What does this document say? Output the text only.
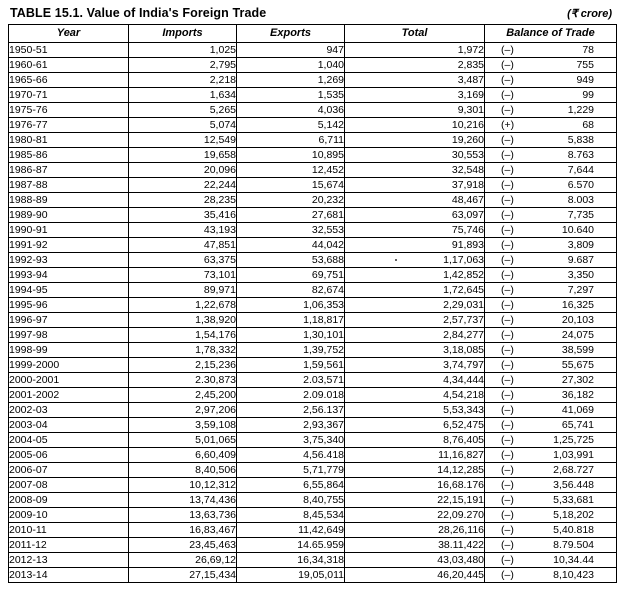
TABLE 15.1. Value of India's Foreign Trade	(₹ crore)
Year	Imports	Exports	Total	Balance of Trade
1950-51	1,025	947	1,972	(–) 78

1960-61	2,795	1,040	2,835	(–) 755

1965-66	2,218	1,269	3,487	(–) 949

1970-71	1,634	1,535	3,169	(–) 99

1975-76	5,265	4,036	9,301	(–) 1,229

1976-77	5,074	5,142	10,216	(+) 68

1980-81	12,549	6,711	19,260	(–) 5,838

1985-86	19,658	10,895	30,553	(–) 8.763

1986-87	20,096	12,452	32,548	(–) 7,644

1987-88	22,244	15,674	37,918	(–) 6.570

1988-89	28,235	20,232	48,467	(–) 8.003

1989-90	35,416	27,681	63,097	(–) 7,735

1990-91	43,193	32,553	75,746	(–) 10.640

1991-92	47,851	44,042	91,893	(–) 3,809

1992-93	63,375	53,688	1,17,063	(–) 9.687

1993-94	73,101	69,751	1,42,852	(–) 3,350

1994-95	89,971	82,674	1,72,645	(–) 7,297

1995-96	1,22,678	1,06,353	2,29,031	(–) 16,325

1996-97	1,38,920	1,18,817	2,57,737	(–) 20,103

1997-98	1,54,176	1,30,101	2,84,277	(–) 24,075

1998-99	1,78,332	1,39,752	3,18,085	(–) 38,599

1999-2000	2,15,236	1,59,561	3,74,797	(–) 55,675

2000-2001	2.30,873	2.03,571	4,34,444	(–) 27,302

2001-2002	2,45,200	2.09.018	4,54,218	(–) 36,182

2002-03	2,97,206	2,56.137	5,53,343	(–) 41,069

2003-04	3,59,108	2,93,367	6,52,475	(–) 65,741

2004-05	5,01,065	3,75,340	8,76,405	(–) 1,25,725

2005-06	6,60,409	4,56.418	11,16,827	(–) 1,03,991

2006-07	8,40,506	5,71,779	14,12,285	(–) 2,68.727

2007-08	10,12,312	6,55,864	16,68.176	(–) 3,56.448

2008-09	13,74,436	8,40,755	22,15,191	(–) 5,33,681

2009-10	13,63,736	8,45,534	22,09.270	(–) 5,18,202

2010-11	16,83,467	11,42,649	28,26,116	(–) 5,40.818

2011-12	23,45,463	14.65.959	38.11,422	(–) 8.79.504

2012-13	26,69,12	16,34,318	43,03,480	(–) 10,34.44

2013-14	27,15,434	19,05,011	46,20,445	(–) 8,10,423
